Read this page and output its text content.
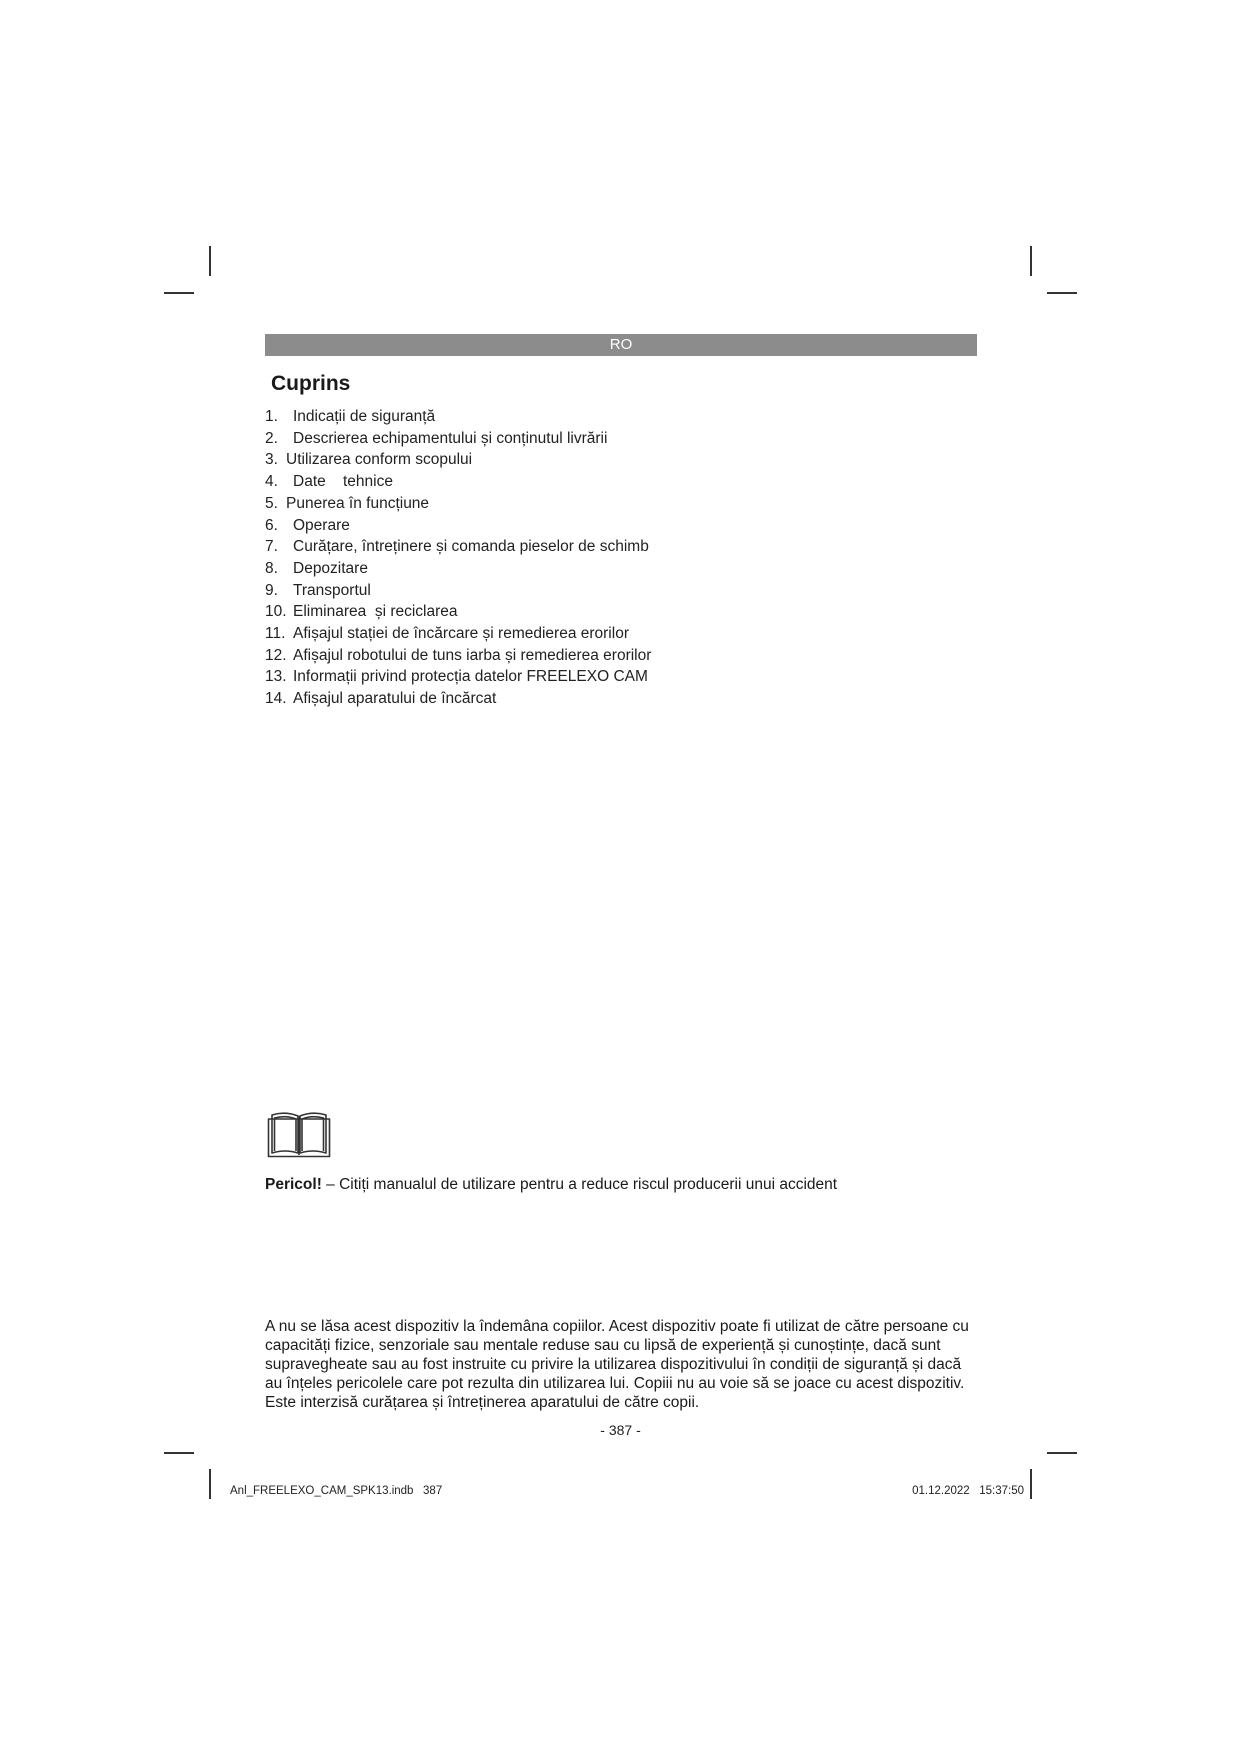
RO
Cuprins
1. Indicații de siguranță
2. Descrierea echipamentului și conținutul livrării
3. Utilizarea conform scopului
4. Date    tehnice
5. Punerea în funcțiune
6. Operare
7. Curățare, întreținere și comanda pieselor de schimb
8. Depozitare
9. Transportul
10. Eliminarea  și reciclarea
11. Afișajul stației de încărcare și remedierea erorilor
12. Afișajul robotului de tuns iarba și remedierea erorilor
13. Informații privind protecția datelor FREELEXO CAM
14. Afișajul aparatului de încărcat

Pericol! – Citiți manualul de utilizare pentru a reduce riscul producerii unui accident

A nu se lăsa acest dispozitiv la îndemâna copiilor. Acest dispozitiv poate fi utilizat de către persoane cu capacități fizice, senzoriale sau mentale reduse sau cu lipsă de experiență și cunoștințe, dacă sunt supravegheate sau au fost instruite cu privire la utilizarea dispozitivului în condiții de siguranță și dacă au înțeles pericolele care pot rezulta din utilizarea lui. Copiii nu au voie să se joace cu acest dispozitiv. Este interzisă curățarea și întreținerea aparatului de către copii.

- 387 -
Anl_FREELEXO_CAM_SPK13.indb   387	01.12.2022   15:37:50
